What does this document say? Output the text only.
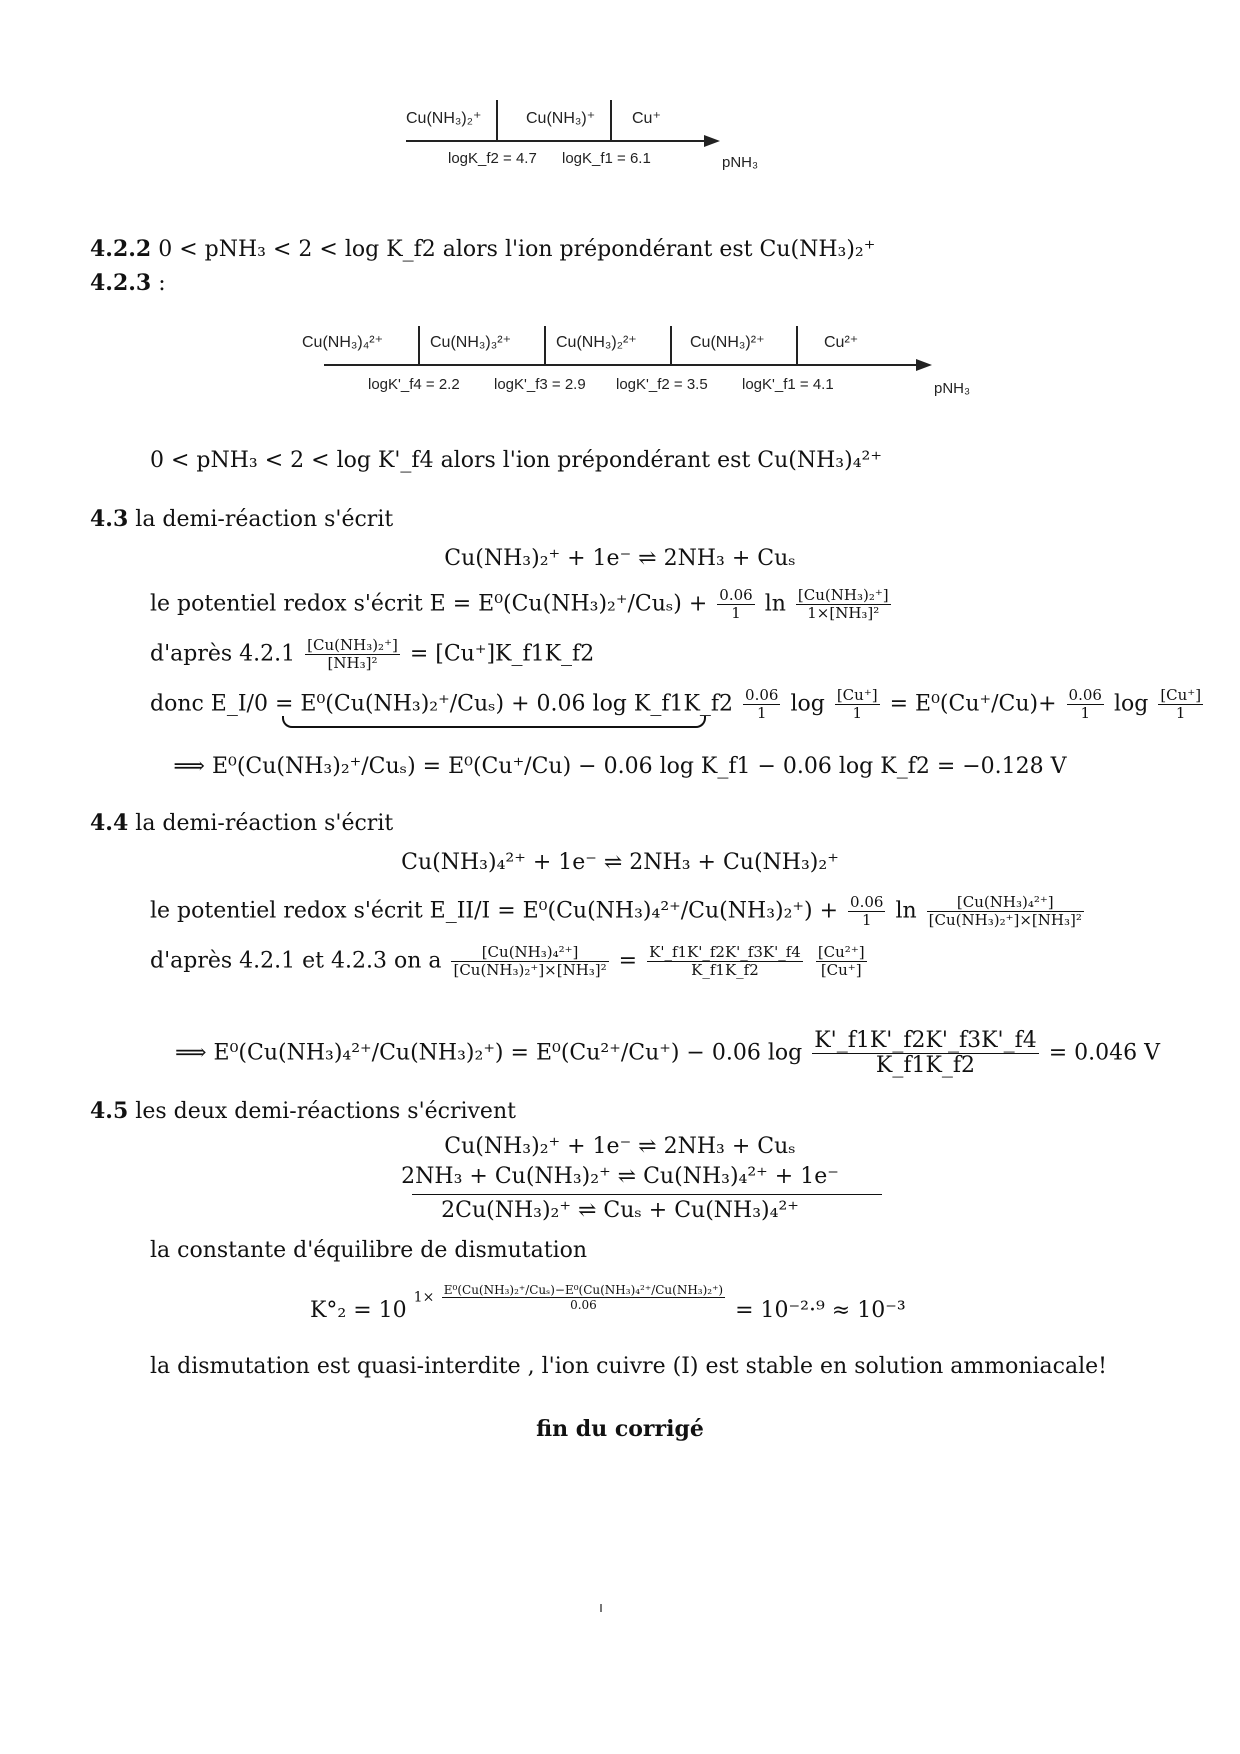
Cu(NH₃)₂⁺	Cu(NH₃)⁺ Cu⁺
logK_f2 = 4.7 logK_f1 = 6.1	pNH₃
4.2.2 0 < pNH₃ < 2 < log K_f2 alors l'ion prépondérant est Cu(NH₃)₂⁺
4.2.3 :
Cu(NH₃)₄²⁺	Cu(NH₃)₃²⁺	Cu(NH₃)₂²⁺	Cu(NH₃)²⁺	Cu²⁺
logK'_f4 = 2.2 logK'_f3 = 2.9 logK'_f2 = 3.5 logK'_f1 = 4.1	pNH₃
0 < pNH₃ < 2 < log K'_f4 alors l'ion prépondérant est Cu(NH₃)₄²⁺
4.3 la demi-réaction s'écrit
Cu(NH₃)₂⁺ + 1e⁻ ⇌ 2NH₃ + Cuₛ
le potentiel redox s'écrit $E = E^0(Cu(NH_3)_2^+/Cu_s) + \frac{0.06}{1}$ $\ln \frac{\text{[Cu(NH₃)₂⁺]}}{\text{1×[NH₃]²}}$
d'après $4.2.1 \frac{\text{[Cu(NH₃)₂⁺]}}{\text{[NH₃]²}}$ = [Cu⁺]K_f1K_f2
donc E_I/0 = E⁰(Cu(NH₃)₂⁺/Cuₛ) + 0.06 log K_f1K_f2 $\frac{0.06}{1}$ $\log \frac{[Cu^+]}{1} = E^0(Cu^+/Cu)+ \frac{0.06}{1}$ $\log \frac{[Cu^+]}{1}$
⟹ E⁰(Cu(NH₃)₂⁺/Cuₛ) = E⁰(Cu⁺/Cu) − 0.06 log K_f1 − 0.06 log K_f2 = −0.128 V
4.4 la demi-réaction s'écrit
Cu(NH₃)₄²⁺ + 1e⁻ ⇌ 2NH₃ + Cu(NH₃)₂⁺
le potentiel redox s'écrit E_II/I = $E^0(Cu(NH_3)_4^{2+}/Cu(NH_3)_2^+) + \frac{0.06}{1}$ $\ln \frac{\text{[Cu(NH₃)₄²⁺]}}{\text{[Cu(NH₃)₂⁺]×[NH₃]²}}$
d'après 4.2.1 et 4.2.3 on a $\frac{\text{[Cu(NH₃)₄²⁺]}}{\text{[Cu(NH₃)₂⁺]×[NH₃]²}} = \frac{K'\_f1K'\_f2K'\_f3K'\_f4}{K\_f1K\_f2}$
$\frac{\text{[Cu²⁺]}}{[Cu^+]}$
⟹ E⁰(Cu(NH₃)₄²⁺/Cu(NH₃)₂⁺) = E⁰(Cu²⁺/Cu⁺) − 0.06 $\log \frac{K'\_f1K'\_f2K'\_f3K'\_f4}{K\_f1K\_f2} = 0.046$ V
4.5 les deux demi-réactions s'écrivent
Cu(NH₃)₂⁺ + 1e⁻ ⇌ 2NH₃ + Cuₛ
2NH₃ + Cu(NH₃)₂⁺ ⇌ Cu(NH₃)₄²⁺ + 1e⁻
2Cu(NH₃)₂⁺ ⇌ Cuₛ + Cu(NH₃)₄²⁺
la constante d'équilibre de dismutation
K°₂ = 10 $1\times \frac{\text{E⁰(Cu(NH₃)₂⁺/Cuₛ)−E⁰(Cu(NH₃)₄²⁺/Cu(NH₃)₂⁺)}}{0.06} = 10^{-2}\cdot^9 \approx 10^{-3}$
la dismutation est quasi-interdite , l'ion cuivre (I) est stable en solution ammoniacale!
fin du corrigé
